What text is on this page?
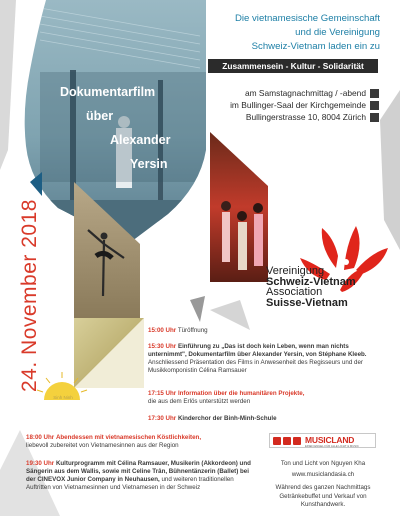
Die vietnamesische Gemeinschaft
und die Vereinigung
Schweiz-Vietnam laden ein zu
Zusammensein - Kultur - Solidarität
am Samstagnachmittag / -abend
im Bullinger-Saal der Kirchgemeinde
Bullingerstrasse 10, 8004 Zürich
Dokumentarfilm
über
Alexander
Yersin
24. November 2018	Vereinigung
Schweiz-Vietnam
Association
Suisse-Vietnam
Sinh Ninh
15:00 Uhr Türöffnung
15:30 Uhr Einführung zu „Das ist doch kein Leben, wenn man nichts unternimmt", Dokumentarfilm über Alexander Yersin, von Stéphane Kleeb. Anschliessend Präsentation des Films in Anwesenheit des Regisseurs und der Musikkomponistin Célina Ramsauer
17:15 Uhr Information über die humanitären Projekte,
die aus dem Erlös unterstützt werden
17:30 Uhr Kinderchor der Binh-Minh-Schule
18:00 Uhr Abendessen mit vietnamesischen Köstlichkeiten,
liebevoll zubereitet von Vietnamesinnen aus der Region
19:30 Uhr Kulturprogramm mit Célina Ramsauer, Musikerin (Akkordeon) und Sängerin aus dem Wallis, sowie mit Celine Trân, Bühnentänzerin (Ballet) bei der CINEVOX Junior Company in Neuhausen, und weiteren traditionellen Auftritten von Vietnamesinnen und Vietnamesen in der Schweiz
MUSICLAND
EINEN ENGEL FÜR ALLE LICHT & MUSIC
Ton und Licht von Nguyen Kha
www.musiclandasia.ch
Während des ganzen Nachmittags
Getränkebuffet und Verkauf von Kunsthandwerk.
